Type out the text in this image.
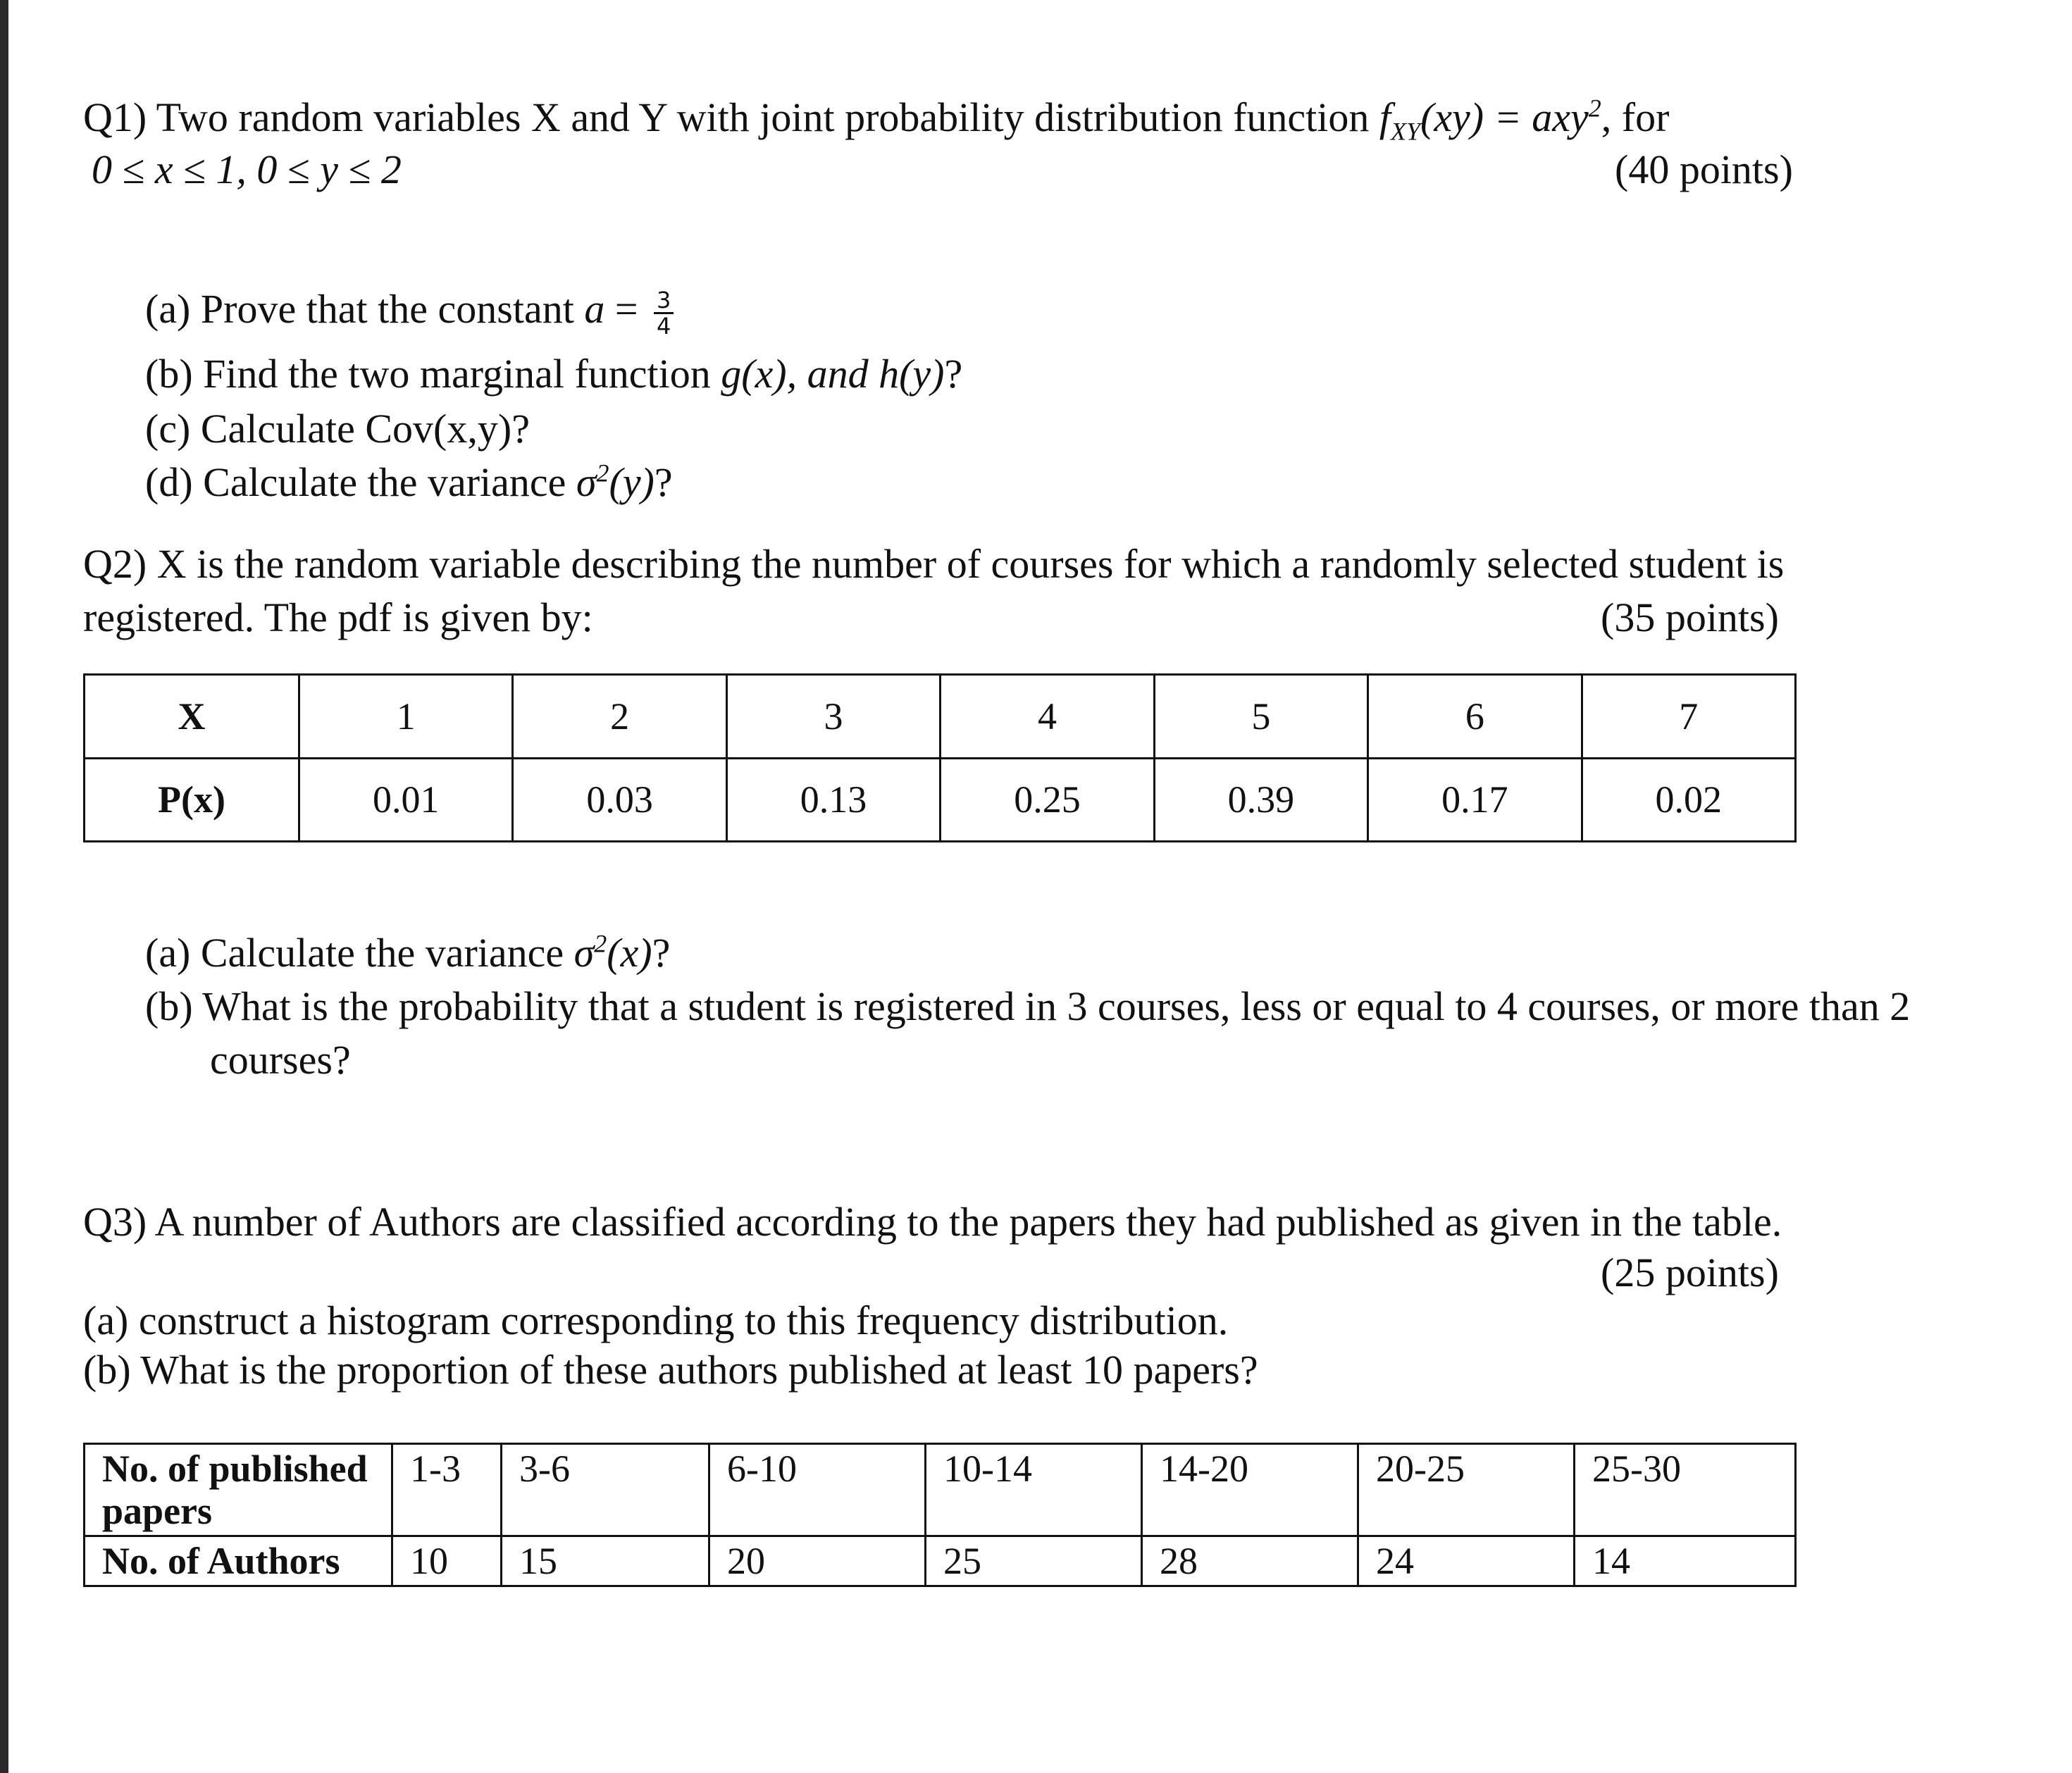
Q1) Two random variables X and Y with joint probability distribution function $f_{XY}(xy) = axy^2$, for
0 ≤ x ≤ 1, 0 ≤ y ≤ 2	(40 points)
(a) Prove that the constant $a = \frac{3}{4}$
(b) Find the two marginal function g(x), and h(y)?
(c) Calculate Cov(x,y)?
(d) Calculate the variance $\sigma^2(y)$?
Q2) X is the random variable describing the number of courses for which a randomly selected student is
registered. The pdf is given by:	(35 points)
X	1	2	3	4	5	6	7
P(x)	0.01	0.03	0.13	0.25	0.39	0.17	0.02
(a) Calculate the variance $\sigma^2(x)$?
(b) What is the probability that a student is registered in 3 courses, less or equal to 4 courses, or more than 2
courses?
Q3) A number of Authors are classified according to the papers they had published as given in the table.
(25 points)
(a) construct a histogram corresponding to this frequency distribution.
(b) What is the proportion of these authors published at least 10 papers?
No. of published
papers	1-3	3-6	6-10	10-14	14-20	20-25	25-30
No. of Authors	10	15	20	25	28	24	14
